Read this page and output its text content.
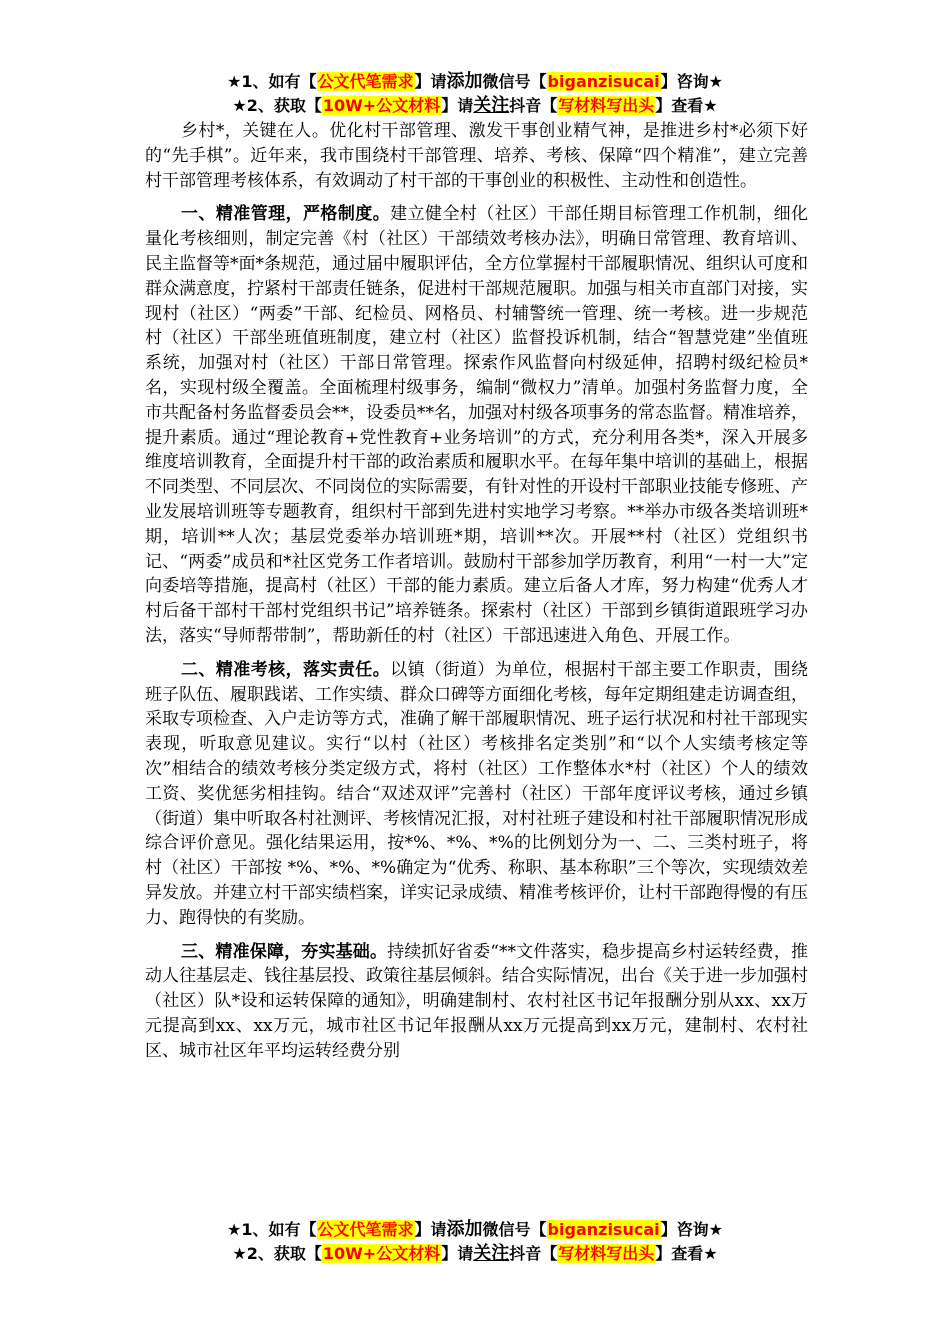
★1、如有【公文代笔需求】请添加微信号【biganzisucai】咨询★
★2、获取【10W+公文材料】请关注抖音【写材料写出头】查看★

乡村*，关键在人。优化村干部管理、激发干事创业精气神，是推进乡村*必须下好的“先手棋”。近年来，我市围绕村干部管理、培养、考核、保障“四个精准”，建立完善村干部管理考核体系，有效调动了村干部的干事创业的积极性、主动性和创造性。

一、精准管理，严格制度。建立健全村（社区）干部任期目标管理工作机制，细化量化考核细则，制定完善《村（社区）干部绩效考核办法》，明确日常管理、教育培训、民主监督等*面*条规范，通过届中履职评估，全方位掌握村干部履职情况、组织认可度和群众满意度，拧紧村干部责任链条，促进村干部规范履职。加强与相关市直部门对接，实现村（社区）“两委”干部、纪检员、网格员、村辅警统一管理、统一考核。进一步规范村（社区）干部坐班值班制度，建立村（社区）监督投诉机制，结合“智慧党建”坐值班系统，加强对村（社区）干部日常管理。探索作风监督向村级延伸，招聘村级纪检员*名，实现村级全覆盖。全面梳理村级事务，编制“微权力”清单。加强村务监督力度，全市共配备村务监督委员会**，设委员**名，加强对村级各项事务的常态监督。精准培养，提升素质。通过“理论教育+党性教育+业务培训”的方式，充分利用各类*，深入开展多维度培训教育，全面提升村干部的政治素质和履职水平。在每年集中培训的基础上，根据不同类型、不同层次、不同岗位的实际需要，有针对性的开设村干部职业技能专修班、产业发展培训班等专题教育，组织村干部到先进村实地学习考察。**举办市级各类培训班*期，培训**人次；基层党委举办培训班*期，培训**次。开展**村（社区）党组织书记、“两委”成员和*社区党务工作者培训。鼓励村干部参加学历教育，利用“一村一大”定向委培等措施，提高村（社区）干部的能力素质。建立后备人才库，努力构建“优秀人才村后备干部村干部村党组织书记”培养链条。探索村（社区）干部到乡镇街道跟班学习办法，落实“导师帮带制”，帮助新任的村（社区）干部迅速进入角色、开展工作。

二、精准考核，落实责任。以镇（街道）为单位，根据村干部主要工作职责，围绕班子队伍、履职践诺、工作实绩、群众口碑等方面细化考核，每年定期组建走访调查组，采取专项检查、入户走访等方式，准确了解干部履职情况、班子运行状况和村社干部现实表现，听取意见建议。实行“以村（社区）考核排名定类别”和“以个人实绩考核定等次”相结合的绩效考核分类定级方式，将村（社区）工作整体水*村（社区）个人的绩效工资、奖优惩劣相挂钩。结合“双述双评”完善村（社区）干部年度评议考核，通过乡镇（街道）集中听取各村社测评、考核情况汇报，对村社班子建设和村社干部履职情况形成综合评价意见。强化结果运用，按*%、*%、*%的比例划分为一、二、三类村班子，将村（社区）干部按 *%、*%、*%确定为“优秀、称职、基本称职”三个等次，实现绩效差异发放。并建立村干部实绩档案，详实记录成绩、精准考核评价，让村干部跑得慢的有压力、跑得快的有奖励。

三、精准保障，夯实基础。持续抓好省委“**文件落实，稳步提高乡村运转经费，推动人往基层走、钱往基层投、政策往基层倾斜。结合实际情况，出台《关于进一步加强村（社区）队*设和运转保障的通知》，明确建制村、农村社区书记年报酬分别从xx、xx万元提高到xx、xx万元，城市社区书记年报酬从xx万元提高到xx万元，建制村、农村社区、城市社区年平均运转经费分别

★1、如有【公文代笔需求】请添加微信号【biganzisucai】咨询★
★2、获取【10W+公文材料】请关注抖音【写材料写出头】查看★
